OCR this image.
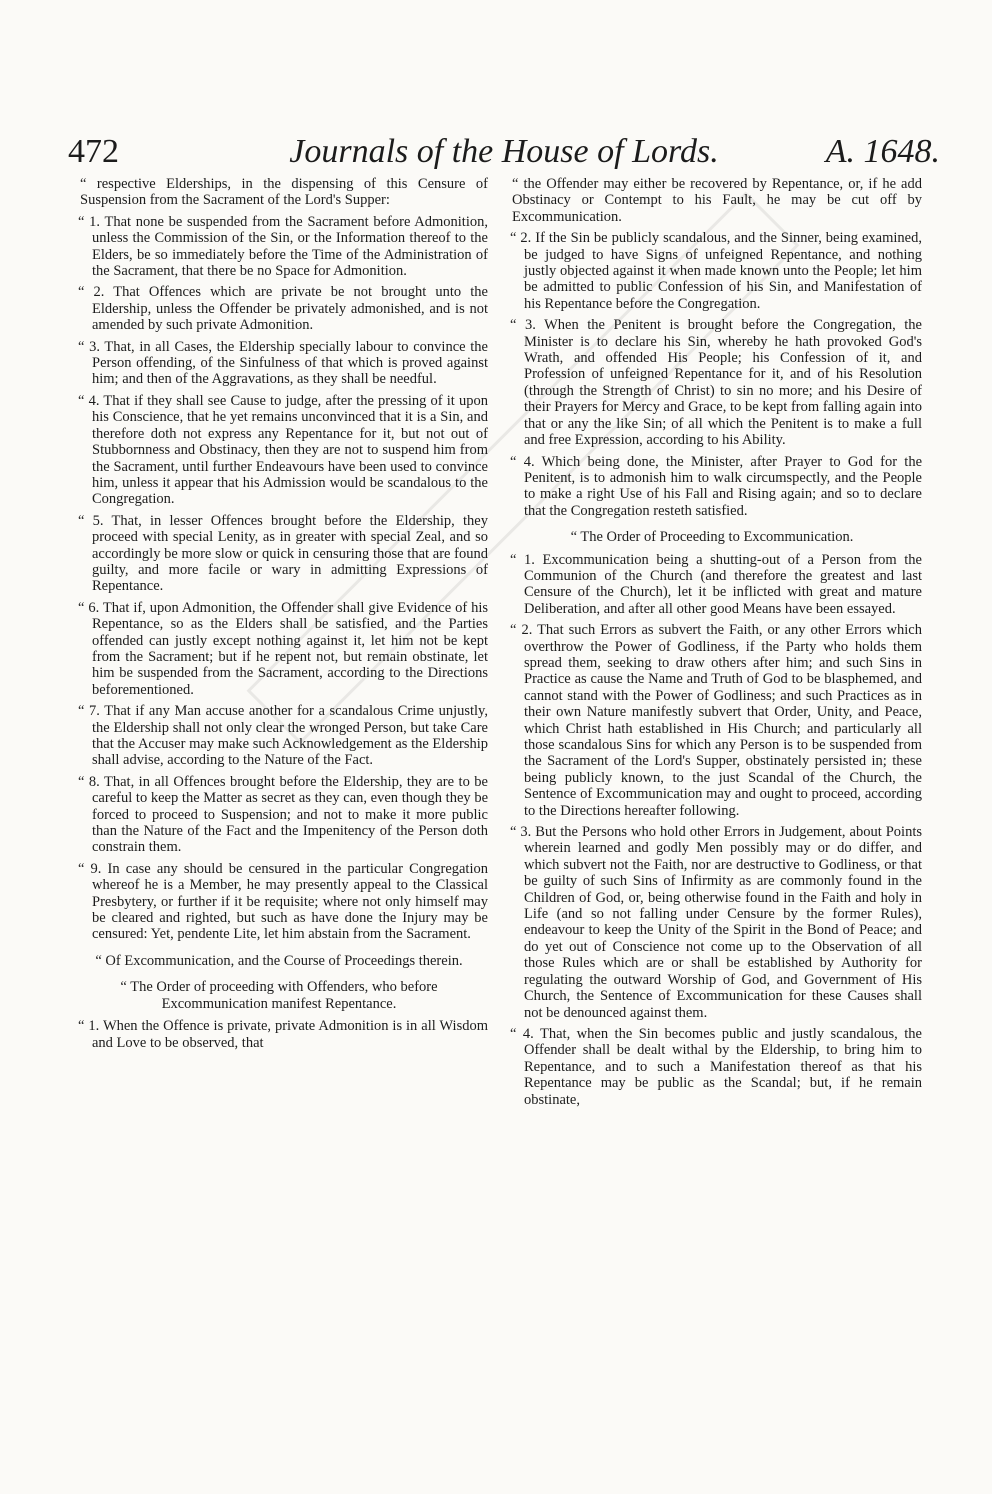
472	Journals of the House of Lords.	A. 1648.
“ respective Elderships, in the dispensing of this Censure of Suspension from the Sacrament of the Lord's Supper:
“ 1. That none be suspended from the Sacrament before Admonition, unless the Commission of the Sin, or the Information thereof to the Elders, be so immediately before the Time of the Administration of the Sacrament, that there be no Space for Admonition.
“ 2. That Offences which are private be not brought unto the Eldership, unless the Offender be privately admonished, and is not amended by such private Admonition.
“ 3. That, in all Cases, the Eldership specially labour to convince the Person offending, of the Sinfulness of that which is proved against him; and then of the Aggravations, as they shall be needful.
“ 4. That if they shall see Cause to judge, after the pressing of it upon his Conscience, that he yet remains unconvinced that it is a Sin, and therefore doth not express any Repentance for it, but not out of Stubbornness and Obstinacy, then they are not to suspend him from the Sacrament, until further Endeavours have been used to convince him, unless it appear that his Admission would be scandalous to the Congregation.
“ 5. That, in lesser Offences brought before the Eldership, they proceed with special Lenity, as in greater with special Zeal, and so accordingly be more slow or quick in censuring those that are found guilty, and more facile or wary in admitting Expressions of Repentance.
“ 6. That if, upon Admonition, the Offender shall give Evidence of his Repentance, so as the Elders shall be satisfied, and the Parties offended can justly except nothing against it, let him not be kept from the Sacrament; but if he repent not, but remain obstinate, let him be suspended from the Sacrament, according to the Directions beforementioned.
“ 7. That if any Man accuse another for a scandalous Crime unjustly, the Eldership shall not only clear the wronged Person, but take Care that the Accuser may make such Acknowledgement as the Eldership shall advise, according to the Nature of the Fact.
“ 8. That, in all Offences brought before the Eldership, they are to be careful to keep the Matter as secret as they can, even though they be forced to proceed to Suspension; and not to make it more public than the Nature of the Fact and the Impenitency of the Person doth constrain them.
“ 9. In case any should be censured in the particular Congregation whereof he is a Member, he may presently appeal to the Classical Presbytery, or further if it be requisite; where not only himself may be cleared and righted, but such as have done the Injury may be censured: Yet, pendente Lite, let him abstain from the Sacrament.
“ Of Excommunication, and the Course of Proceedings therein.
“ The Order of proceeding with Offenders, who before Excommunication manifest Repentance.
“ 1. When the Offence is private, private Admonition is in all Wisdom and Love to be observed, that
“ the Offender may either be recovered by Repentance, or, if he add Obstinacy or Contempt to his Fault, he may be cut off by Excommunication.
“ 2. If the Sin be publicly scandalous, and the Sinner, being examined, be judged to have Signs of unfeigned Repentance, and nothing justly objected against it when made known unto the People; let him be admitted to public Confession of his Sin, and Manifestation of his Repentance before the Congregation.
“ 3. When the Penitent is brought before the Congregation, the Minister is to declare his Sin, whereby he hath provoked God's Wrath, and offended His People; his Confession of it, and Profession of unfeigned Repentance for it, and of his Resolution (through the Strength of Christ) to sin no more; and his Desire of their Prayers for Mercy and Grace, to be kept from falling again into that or any the like Sin; of all which the Penitent is to make a full and free Expression, according to his Ability.
“ 4. Which being done, the Minister, after Prayer to God for the Penitent, is to admonish him to walk circumspectly, and the People to make a right Use of his Fall and Rising again; and so to declare that the Congregation resteth satisfied.
“ The Order of Proceeding to Excommunication.
“ 1. Excommunication being a shutting-out of a Person from the Communion of the Church (and therefore the greatest and last Censure of the Church), let it be inflicted with great and mature Deliberation, and after all other good Means have been essayed.
“ 2. That such Errors as subvert the Faith, or any other Errors which overthrow the Power of Godliness, if the Party who holds them spread them, seeking to draw others after him; and such Sins in Practice as cause the Name and Truth of God to be blasphemed, and cannot stand with the Power of Godliness; and such Practices as in their own Nature manifestly subvert that Order, Unity, and Peace, which Christ hath established in His Church; and particularly all those scandalous Sins for which any Person is to be suspended from the Sacrament of the Lord's Supper, obstinately persisted in; these being publicly known, to the just Scandal of the Church, the Sentence of Excommunication may and ought to proceed, according to the Directions hereafter following.
“ 3. But the Persons who hold other Errors in Judgement, about Points wherein learned and godly Men possibly may or do differ, and which subvert not the Faith, nor are destructive to Godliness, or that be guilty of such Sins of Infirmity as are commonly found in the Children of God, or, being otherwise found in the Faith and holy in Life (and so not falling under Censure by the former Rules), endeavour to keep the Unity of the Spirit in the Bond of Peace; and do yet out of Conscience not come up to the Observation of all those Rules which are or shall be established by Authority for regulating the outward Worship of God, and Government of His Church, the Sentence of Excommunication for these Causes shall not be denounced against them.
“ 4. That, when the Sin becomes public and justly scandalous, the Offender shall be dealt withal by the Eldership, to bring him to Repentance, and to such a Manifestation thereof as that his Repentance may be public as the Scandal; but, if he remain obstinate,
